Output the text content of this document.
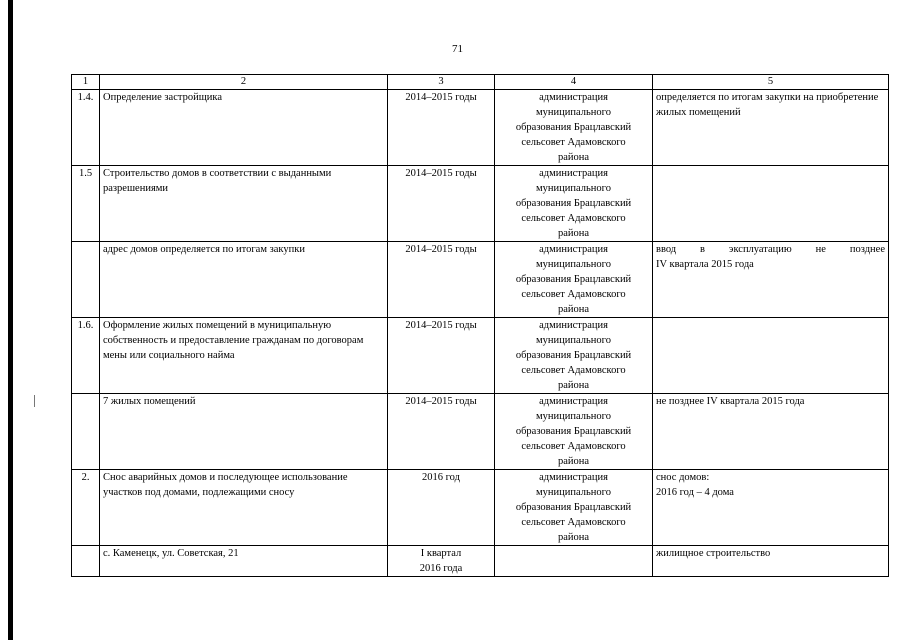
71
1	2	3	4	5
1.4.	Определение застройщика	2014–2015 годы	администрация
муниципального
образования Брацлавский
сельсовет Адамовского
района	определяется по итогам закупки на приобретение жилых помещений
1.5	Строительство домов в соответствии с выданными разрешениями	2014–2015 годы	администрация
муниципального
образования Брацлавский
сельсовет Адамовского
района	

	адрес домов определяется по итогам закупки	2014–2015 годы	администрация
муниципального
образования Брацлавский
сельсовет Адамовского
района	ввод в эксплуатацию не позднее
IV квартала 2015 года

1.6.	Оформление жилых помещений в муниципальную собственность и предоставление гражданам по договорам мены или социального найма	2014–2015 годы	администрация
муниципального
образования Брацлавский
сельсовет Адамовского
района	

	7 жилых помещений	2014–2015 годы	администрация
муниципального
образования Брацлавский
сельсовет Адамовского
района	не позднее IV квартала 2015 года
2.	Снос аварийных домов и последующее использование участков под домами, подлежащими сносу	2016 год	администрация
муниципального
образования Брацлавский
сельсовет Адамовского
района	снос домов:
2016 год – 4 дома

	с. Каменецк, ул. Советская, 21	I квартал
2016 года		жилищное строительство
